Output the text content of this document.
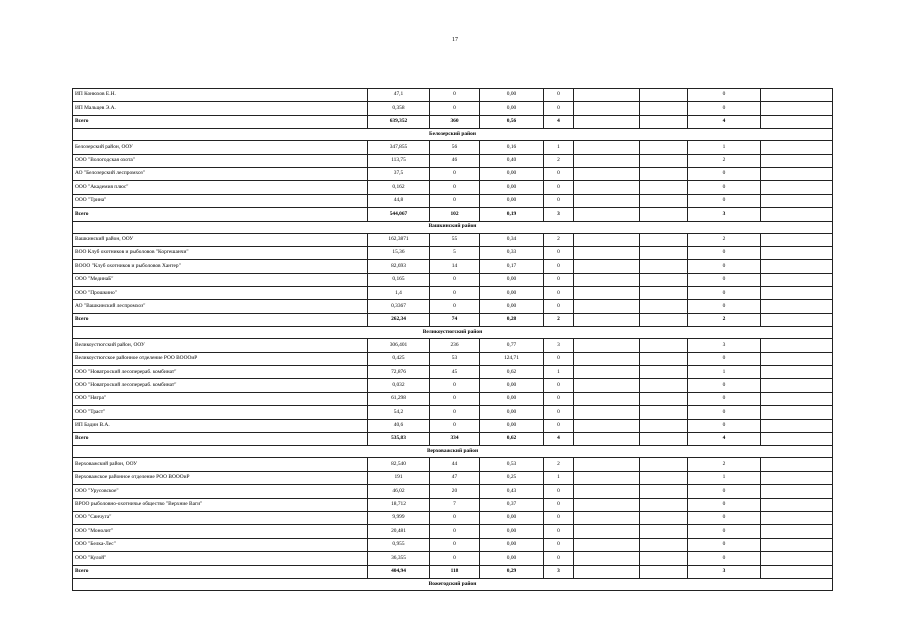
17
ИП Конюхов Е.Н.	47,1	0	0,00	0			0	
ИП Мальцев Э.А.	0,358	0	0,00	0			0	
Всего	639,352	360	0,56	4			4	
Белозерский район								
Белозерский район, ООУ	347,855	56	0,16	1			1	
ООО "Вологодская охота"	113,75	46	0,40	2			2	
АО "Белозерский леспромхоз"	37,5	0	0,00	0			0	
ООО "Академия плюс"	0,162	0	0,00	0			0	
ООО "Трина"	44,8	0	0,00	0			0	
Всего	544,067	102	0,19	3			3	
Вашкинский район								
Вашкинский район, ООУ	162,3871	55	0,34	2			2	
ВОО Клуб охотников и рыболовов "Коргешанчи"	15,36	5	0,33	0			0	
ВООО "Клуб охотников и рыболовов Хантер"	82,693	14	0,17	0			0	
ООО "МединаБ"	0,165	0	0,00	0			0	
ООО "Прошкино"	1,4	0	0,00	0			0	
АО "Вашкинский леспромхоз"	0,3367	0	0,00	0			0	
Всего	262,34	74	0,28	2			2	
Великоустюгский район								
Великоустюгский район, ООУ	306,401	236	0,77	3			3	
Великоустюгское районное отделение РОО ВОООиР	0,425	53	124,71	0			0	
ООО "Новатроский лесоперераб. комбинат"	72,876	45	0,62	1			1	
ООО "Новатроский лесоперераб. комбинат"	0,032	0	0,00	0			0	
ООО "Нягра"	61,298	0	0,00	0			0	
ООО "Траст"	54,2	0	0,00	0			0	
ИП Бадин В.А.	40,6	0	0,00	0			0	
Всего	535,83	334	0,62	4			4	
Верховажский район								
Верховажский район, ООУ	82,540	44	0,53	2			2	
Верховажское районное отделение РОО ВОООиР	191	47	0,25	1			1	
ООО "Урусовское"	46,02	20	0,43	0			0	
ВРОО рыболовно-охотничье общество "Верхние Ваги"	18,712	7	0,37	0			0	
ООО "Сянчуга"	9,999	0	0,00	0			0	
ООО "Монолит"	20,481	0	0,00	0			0	
ООО "Белка-Лес"	0,955	0	0,00	0			0	
ООО "Кулой"	36,355	0	0,00	0			0	
Всего	404,94	118	0,29	3			3	
Вожегодский район								
